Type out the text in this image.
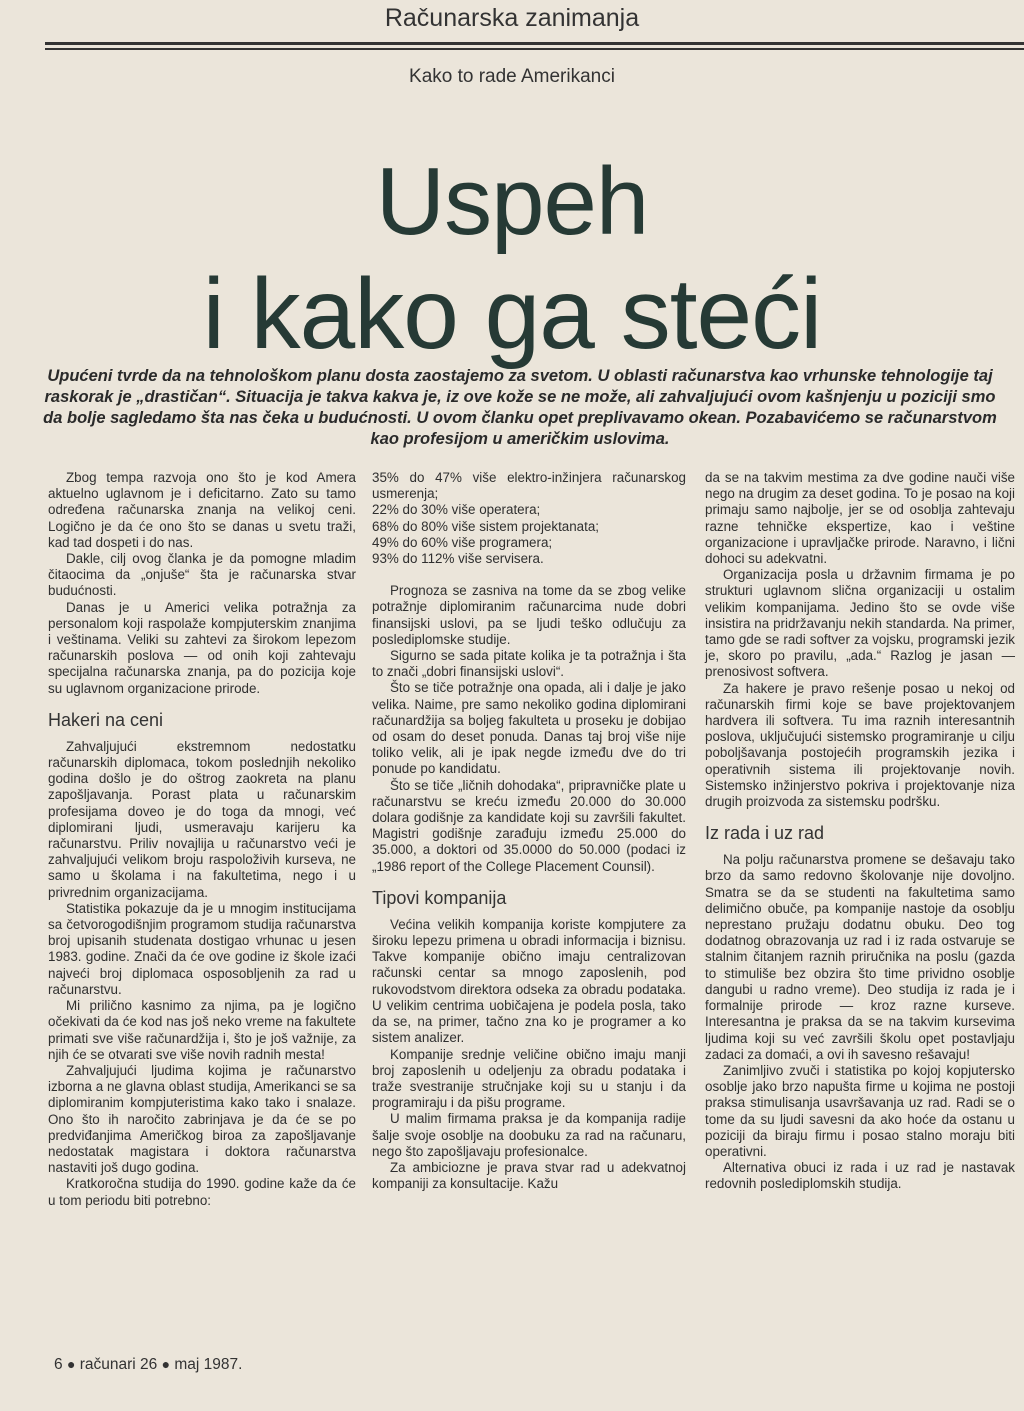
Računarska zanimanja
Kako to rade Amerikanci
Uspeh
i kako ga steći
Upućeni tvrde da na tehnološkom planu dosta zaostajemo za svetom. U oblasti računarstva kao vrhunske tehnologije taj raskorak je „drastičan“. Situacija je takva kakva je, iz ove kože se ne može, ali zahvaljujući ovom kašnjenju u poziciji smo da bolje sagledamo šta nas čeka u budućnosti. U ovom članku opet preplivavamo okean. Pozabavićemo se računarstvom kao profesijom u američkim uslovima.

Zbog tempa razvoja ono što je kod Amera aktuelno uglavnom je i deficitarno. Zato su tamo određena računarska znanja na velikoj ceni. Logično je da će ono što se danas u svetu traži, kad tad dospeti i do nas.

Dakle, cilj ovog članka je da pomogne mladim čitaocima da „onjuše“ šta je računarska stvar budućnosti.

Danas je u Americi velika potražnja za personalom koji raspolaže kompjuterskim znanjima i veštinama. Veliki su zahtevi za širokom lepezom računarskih poslova — od onih koji zahtevaju specijalna računarska znanja, pa do pozicija koje su uglavnom organizacione prirode.

Hakeri na ceni

Zahvaljujući ekstremnom nedostatku računarskih diplomaca, tokom poslednjih nekoliko godina došlo je do oštrog zaokreta na planu zapošljavanja. Porast plata u računarskim profesijama doveo je do toga da mnogi, već diplomirani ljudi, usmeravaju karijeru ka računarstvu. Priliv novajlija u računarstvo veći je zahvaljujući velikom broju raspoloživih kurseva, ne samo u školama i na fakultetima, nego i u privrednim organizacijama.

Statistika pokazuje da je u mnogim institucijama sa četvorogodišnjim programom studija računarstva broj upisanih studenata dostigao vrhunac u jesen 1983. godine. Znači da će ove godine iz škole izaći najveći broj diplomaca osposobljenih za rad u računarstvu.

Mi prilično kasnimo za njima, pa je logično očekivati da će kod nas još neko vreme na fakultete primati sve više računardžija i, što je još važnije, za njih će se otvarati sve više novih radnih mesta!

Zahvaljujući ljudima kojima je računarstvo izborna a ne glavna oblast studija, Amerikanci se sa diplomiranim kompjuteristima kako tako i snalaze. Ono što ih naročito zabrinjava je da će se po predviđanjima Američkog biroa za zapošljavanje nedostatak magistara i doktora računarstva nastaviti još dugo godina.

Kratkoročna studija do 1990. godine kaže da će u tom periodu biti potrebno:

35% do 47% više elektro-inžinjera računarskog usmerenja;

22% do 30% više operatera;

68% do 80% više sistem projektanata;

49% do 60% više programera;

93% do 112% više servisera.

Prognoza se zasniva na tome da se zbog velike potražnje diplomiranim računarcima nude dobri finansijski uslovi, pa se ljudi teško odlučuju za poslediplomske studije.

Sigurno se sada pitate kolika je ta potražnja i šta to znači „dobri finansijski uslovi“.

Što se tiče potražnje ona opada, ali i dalje je jako velika. Naime, pre samo nekoliko godina diplomirani računardžija sa boljeg fakulteta u proseku je dobijao od osam do deset ponuda. Danas taj broj više nije toliko velik, ali je ipak negde između dve do tri ponude po kandidatu.

Što se tiče „ličnih dohodaka“, pripravničke plate u računarstvu se kreću između 20.000 do 30.000 dolara godišnje za kandidate koji su završili fakultet. Magistri godišnje zarađuju između 25.000 do 35.000, a doktori od 35.0000 do 50.000 (podaci iz „1986 report of the College Placement Counsil).

Tipovi kompanija

Većina velikih kompanija koriste kompjutere za široku lepezu primena u obradi informacija i biznisu. Takve kompanije obično imaju centralizovan računski centar sa mnogo zaposlenih, pod rukovodstvom direktora odseka za obradu podataka. U velikim centrima uobičajena je podela posla, tako da se, na primer, tačno zna ko je programer a ko sistem analizer.

Kompanije srednje veličine obično imaju manji broj zaposlenih u odeljenju za obradu podataka i traže svestranije stručnjake koji su u stanju i da programiraju i da pišu programe.

U malim firmama praksa je da kompanija radije šalje svoje osoblje na doobuku za rad na računaru, nego što zapošljavaju profesionalce.

Za ambiciozne je prava stvar rad u adekvatnoj kompaniji za konsultacije. Kažu

da se na takvim mestima za dve godine nauči više nego na drugim za deset godina. To je posao na koji primaju samo najbolje, jer se od osoblja zahtevaju razne tehničke ekspertize, kao i veštine organizacione i upravljačke prirode. Naravno, i lični dohoci su adekvatni.

Organizacija posla u državnim firmama je po strukturi uglavnom slična organizaciji u ostalim velikim kompanijama. Jedino što se ovde više insistira na pridržavanju nekih standarda. Na primer, tamo gde se radi softver za vojsku, programski jezik je, skoro po pravilu, „ada.“ Razlog je jasan — prenosivost softvera.

Za hakere je pravo rešenje posao u nekoj od računarskih firmi koje se bave projektovanjem hardvera ili softvera. Tu ima raznih interesantnih poslova, uključujući sistemsko programiranje u cilju poboljšavanja postojećih programskih jezika i operativnih sistema ili projektovanje novih. Sistemsko inžinjerstvo pokriva i projektovanje niza drugih proizvoda za sistemsku podršku.

Iz rada i uz rad

Na polju računarstva promene se dešavaju tako brzo da samo redovno školovanje nije dovoljno. Smatra se da se studenti na fakultetima samo delimično obuče, pa kompanije nastoje da osoblju neprestano pružaju dodatnu obuku. Deo tog dodatnog obrazovanja uz rad i iz rada ostvaruje se stalnim čitanjem raznih priručnika na poslu (gazda to stimuliše bez obzira što time prividno osoblje dangubi u radno vreme). Deo studija iz rada je i formalnije prirode — kroz razne kurseve. Interesantna je praksa da se na takvim kursevima ljudima koji su već završili školu opet postavljaju zadaci za domaći, a ovi ih savesno rešavaju!

Zanimljivo zvuči i statistika po kojoj kopjutersko osoblje jako brzo napušta firme u kojima ne postoji praksa stimulisanja usavršavanja uz rad. Radi se o tome da su ljudi savesni da ako hoće da ostanu u poziciji da biraju firmu i posao stalno moraju biti operativni.

Alternativa obuci iz rada i uz rad je nastavak redovnih poslediplomskih studija.

6 ● računari 26 ● maj 1987.
